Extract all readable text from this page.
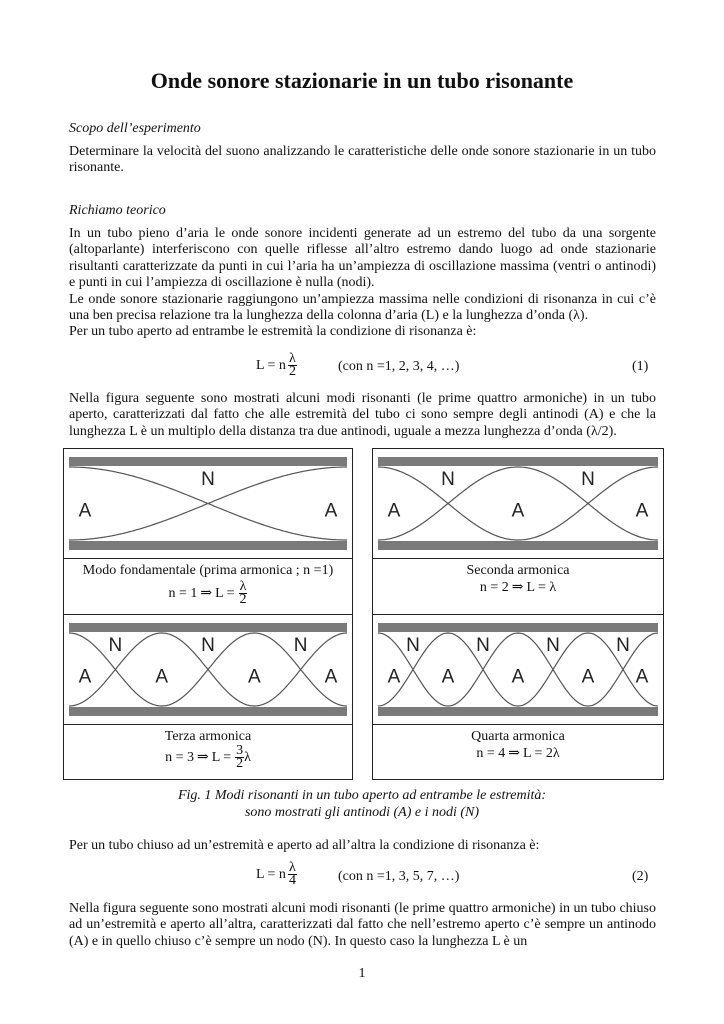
Onde sonore stazionarie in un tubo risonante
Scopo dell’esperimento
Determinare la velocità del suono analizzando le caratteristiche delle onde sonore stazionarie in un tubo risonante.
Richiamo teorico

In un tubo pieno d’aria le onde sonore incidenti generate ad un estremo del tubo da una sorgente (altoparlante) interferiscono con quelle riflesse all’altro estremo dando luogo ad onde stazionarie risultanti caratterizzate da punti in cui l’aria ha un’ampiezza di oscillazione massima (ventri o antinodi) e punti in cui l’ampiezza di oscillazione è nulla (nodi).

Le onde sonore stazionarie raggiungono un’ampiezza massima nelle condizioni di risonanza in cui c’è una ben precisa relazione tra la lunghezza della colonna d’aria (L) e la lunghezza d’onda (λ).

Per un tubo aperto ad entrambe le estremità la condizione di risonanza è:

L = n $\frac{\lambda}{2}$	(con n =1, 2, 3, 4, …)	(1)
Nella figura seguente sono mostrati alcuni modi risonanti (le prime quattro armoniche) in un tubo aperto, caratterizzati dal fatto che alle estremità del tubo ci sono sempre degli antinodi (A) e che la lunghezza L è un multiplo della distanza tra due antinodi, uguale a mezza lunghezza d’onda (λ/2).
A	A
N
A	A	A
N	N
Modo fondamentale (prima armonica ; n =1)
n = 1 ⇒ $L = \frac{\lambda}{2}$
Seconda armonica
n = 2 ⇒ L = λ
A	A	A	A
N	N	N
A A	A	A A
N	N	N	N
Terza armonica
n = 3 ⇒ $L = \frac{3}{2}$ λ
Quarta armonica
n = 4 ⇒ L = 2λ
Fig. 1 Modi risonanti in un tubo aperto ad entrambe le estremità:
sono mostrati gli antinodi (A) e i nodi (N)
Per un tubo chiuso ad un’estremità e aperto ad all’altra la condizione di risonanza è:
L = n $\frac{\lambda}{4}$	(con n =1, 3, 5, 7, …)	(2)
Nella figura seguente sono mostrati alcuni modi risonanti (le prime quattro armoniche) in un tubo chiuso ad un’estremità e aperto all’altra, caratterizzati dal fatto che nell’estremo aperto c’è sempre un antinodo (A) e in quello chiuso c’è sempre un nodo (N). In questo caso la lunghezza L è un
1
